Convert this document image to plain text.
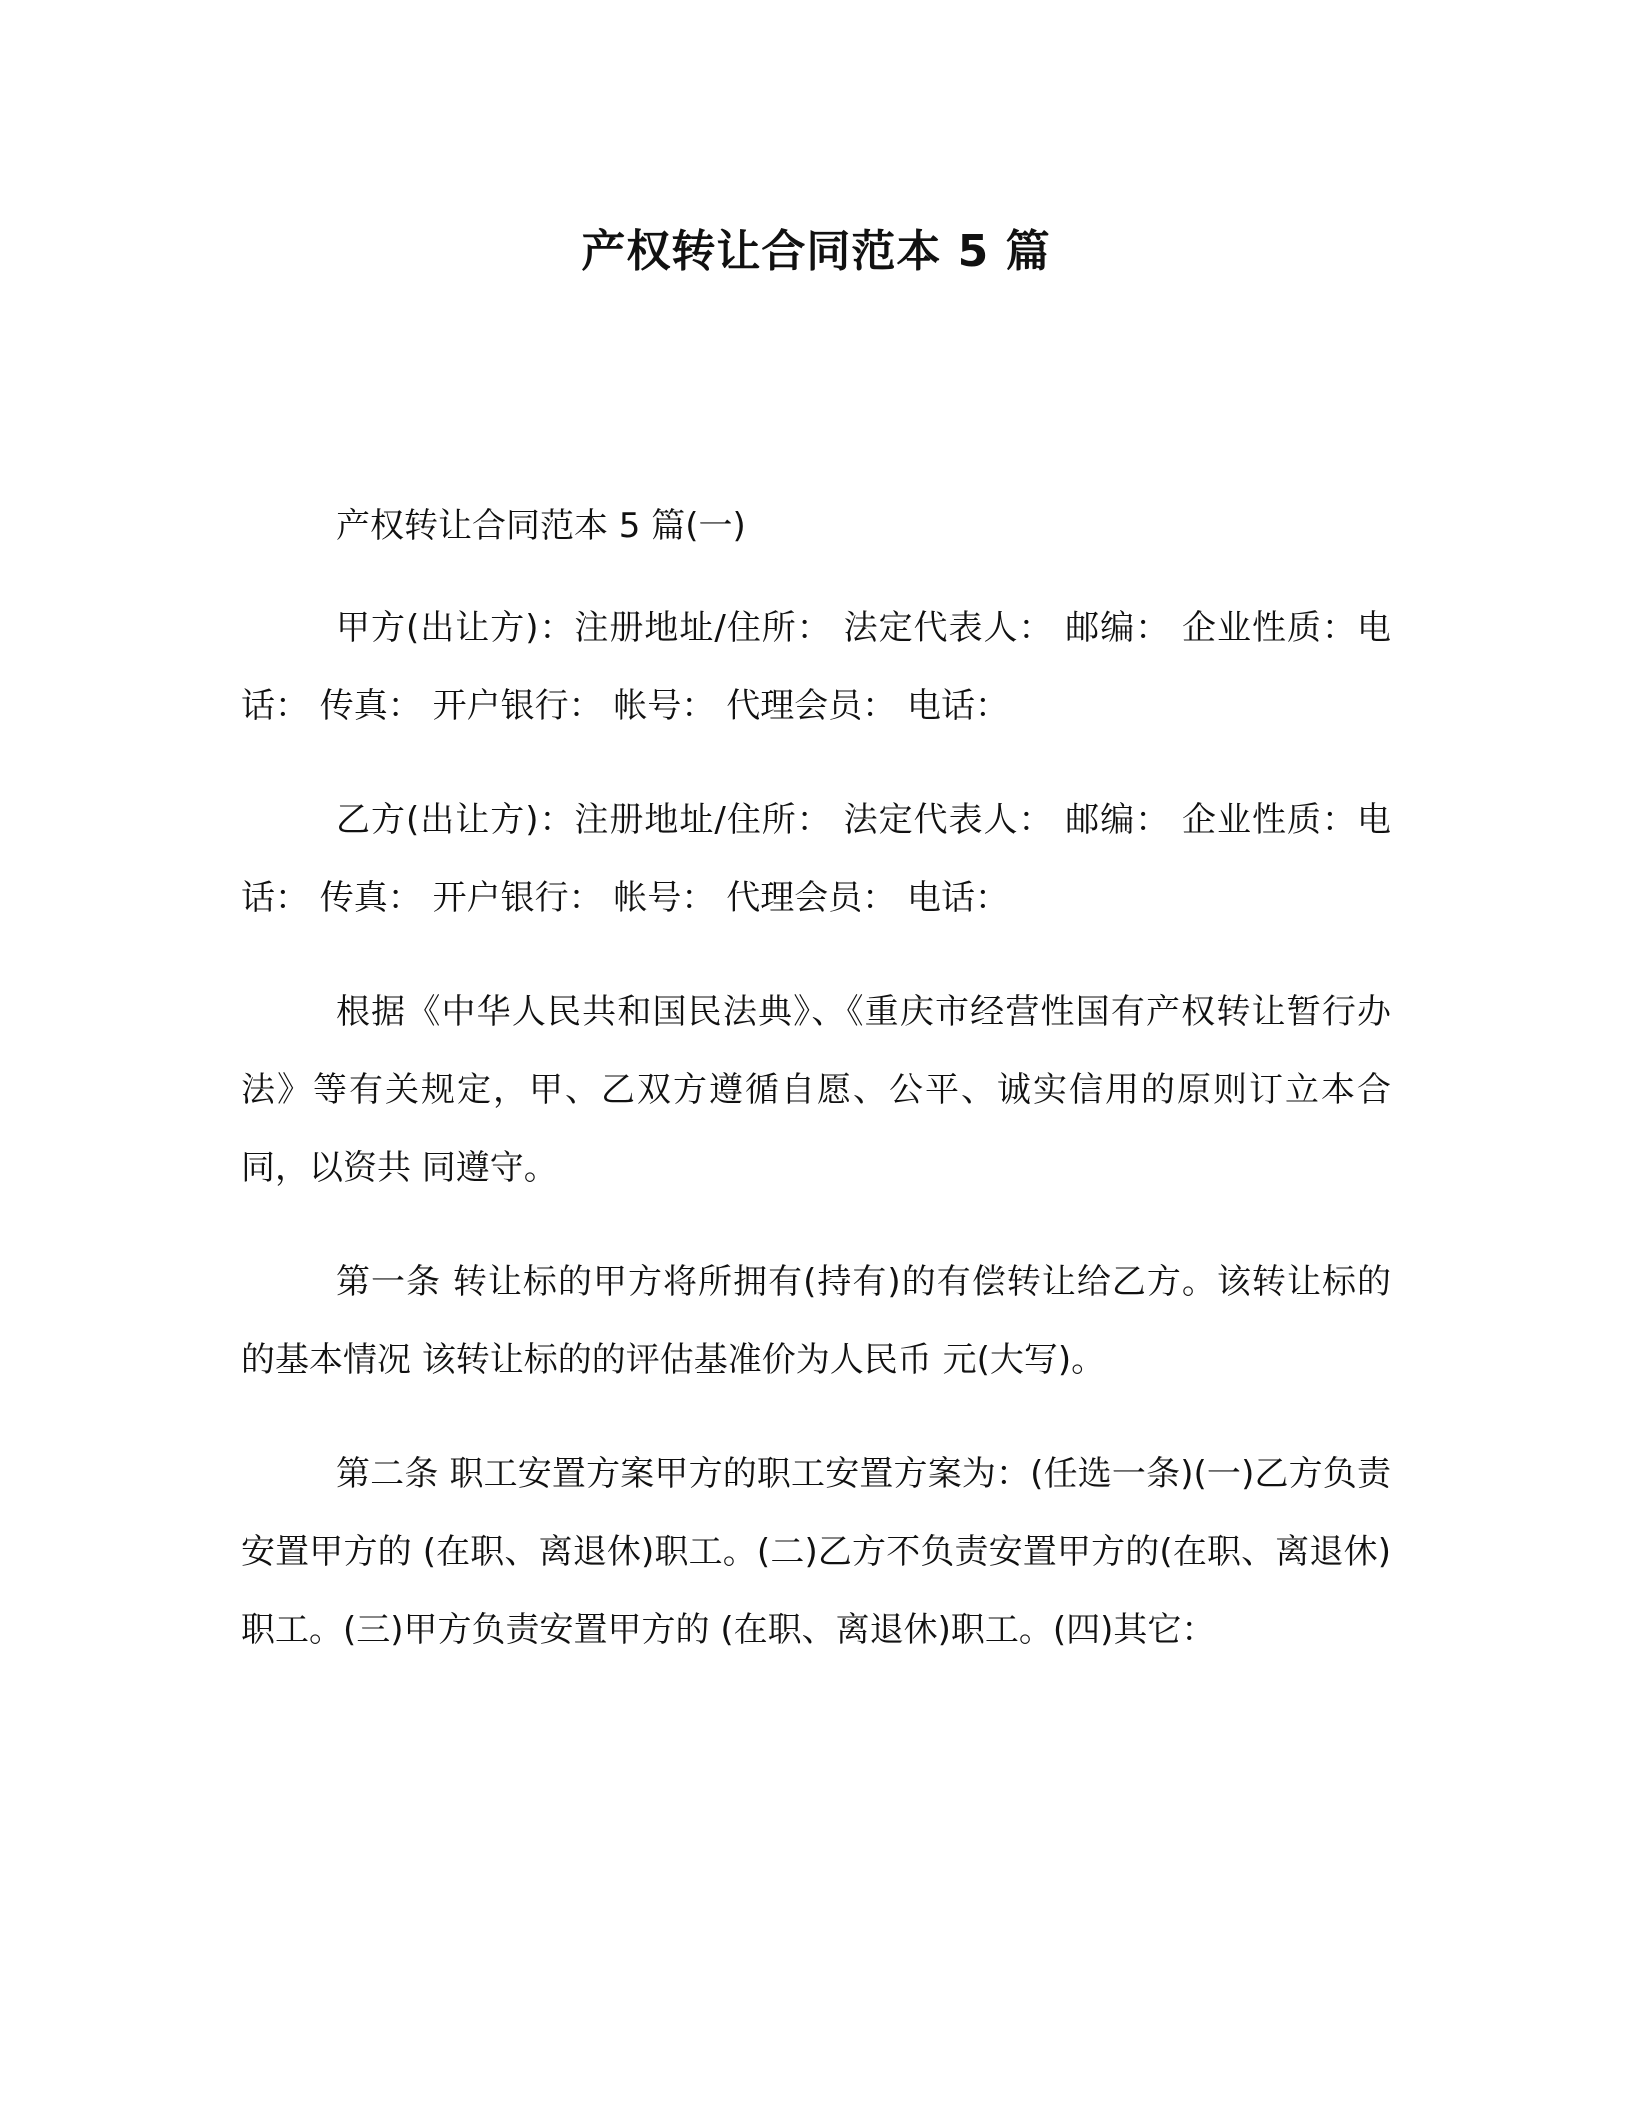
产权转让合同范本 5 篇

产权转让合同范本 5 篇(一)

甲方(出让方)：注册地址/住所： 法定代表人： 邮编： 企业性质：电话： 传真： 开户银行： 帐号： 代理会员： 电话：

乙方(出让方)：注册地址/住所： 法定代表人： 邮编： 企业性质：电话： 传真： 开户银行： 帐号： 代理会员： 电话：

根据《中华人民共和国民法典》、《重庆市经营性国有产权转让暂行办法》等有关规定，甲、乙双方遵循自愿、公平、诚实信用的原则订立本合同，以资共 同遵守。

第一条 转让标的甲方将所拥有(持有)的有偿转让给乙方。该转让标的的基本情况 该转让标的的评估基准价为人民币 元(大写)。

第二条 职工安置方案甲方的职工安置方案为：(任选一条)(一)乙方负责安置甲方的 (在职、离退休)职工。(二)乙方不负责安置甲方的(在职、离退休)职工。(三)甲方负责安置甲方的 (在职、离退休)职工。(四)其它：
